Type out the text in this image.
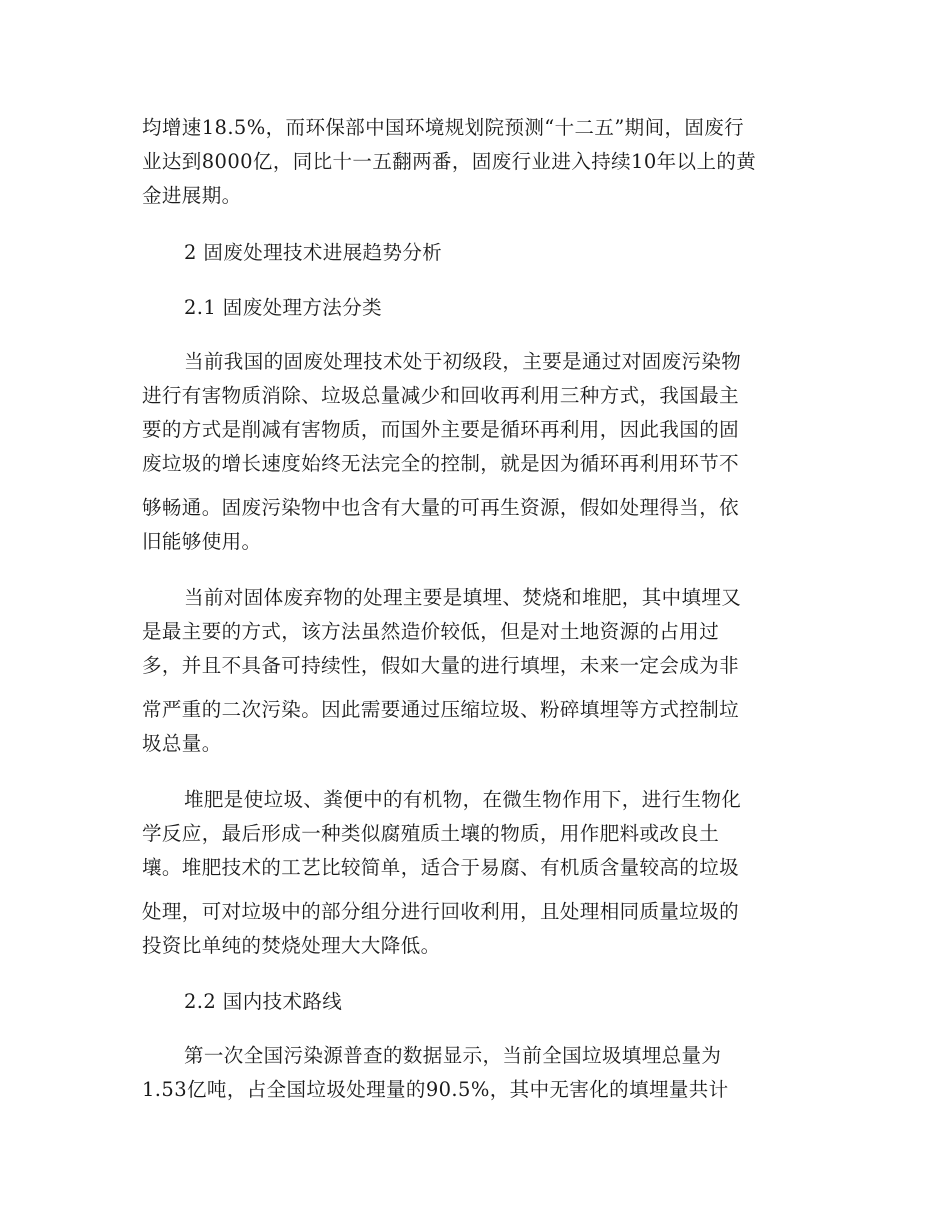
均增速18.5%，而环保部中国环境规划院预测“十二五”期间，固废行
业达到8000亿，同比十一五翻两番，固废行业进入持续10年以上的黄
金进展期。
2 固废处理技术进展趋势分析
2.1 固废处理方法分类
当前我国的固废处理技术处于初级段，主要是通过对固废污染物
进行有害物质消除、垃圾总量减少和回收再利用三种方式，我国最主
要的方式是削减有害物质，而国外主要是循环再利用，因此我国的固
废垃圾的增长速度始终无法完全的控制，就是因为循环再利用环节不
够畅通。固废污染物中也含有大量的可再生资源，假如处理得当，依
旧能够使用。
当前对固体废弃物的处理主要是填埋、焚烧和堆肥，其中填埋又
是最主要的方式，该方法虽然造价较低，但是对土地资源的占用过
多，并且不具备可持续性，假如大量的进行填埋，未来一定会成为非
常严重的二次污染。因此需要通过压缩垃圾、粉碎填埋等方式控制垃
圾总量。
堆肥是使垃圾、粪便中的有机物，在微生物作用下，进行生物化
学反应，最后形成一种类似腐殖质土壤的物质，用作肥料或改良土
壤。堆肥技术的工艺比较简单，适合于易腐、有机质含量较高的垃圾
处理，可对垃圾中的部分组分进行回收利用，且处理相同质量垃圾的
投资比单纯的焚烧处理大大降低。
2.2 国内技术路线
第一次全国污染源普查的数据显示，当前全国垃圾填埋总量为
1.53亿吨，占全国垃圾处理量的90.5%，其中无害化的填埋量共计
